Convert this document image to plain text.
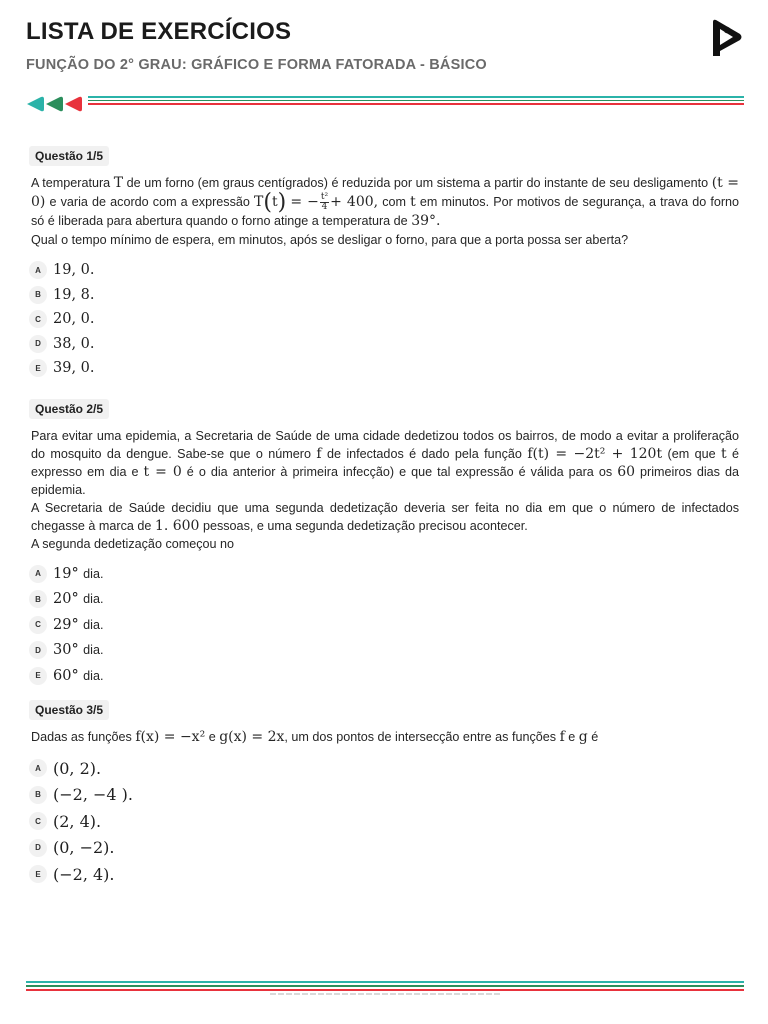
LISTA DE EXERCÍCIOS
FUNÇÃO DO 2° GRAU: GRÁFICO E FORMA FATORADA - BÁSICO
Questão 1/5

A temperatura T de um forno (em graus centígrados) é reduzida por um sistema a partir do instante de seu desligamento (t = 0) e varia de acordo com a expressão T(t) = − $\frac{\text{t²}}{4} + 400$, com t em minutos. Por motivos de segurança, a trava do forno só é liberada para abertura quando o forno atinge a temperatura de 39°.

Qual o tempo mínimo de espera, em minutos, após se desligar o forno, para que a porta possa ser aberta?

A 19, 0.
B 19, 8.
C 20, 0.
D 38, 0.
E 39, 0.
Questão 2/5

Para evitar uma epidemia, a Secretaria de Saúde de uma cidade dedetizou todos os bairros, de modo a evitar a proliferação do mosquito da dengue. Sabe-se que o número f de infectados é dado pela função f(t) = −2t² + 120t (em que t é expresso em dia e t = 0 é o dia anterior à primeira infecção) e que tal expressão é válida para os 60 primeiros dias da epidemia.

A Secretaria de Saúde decidiu que uma segunda dedetização deveria ser feita no dia em que o número de infectados chegasse à marca de 1. 600 pessoas, e uma segunda dedetização precisou acontecer.

A segunda dedetização começou no

A 19°
dia.
B 20°
dia.
C 29°
dia.
D 30°
dia.
E 60°
dia.
Questão 3/5

Dadas as funções f(x) = −x² e g(x) = 2x, um dos pontos de intersecção entre as funções f e g é

A (0, 2).
B (−2, −4 ).
C (2, 4).
D (0, −2).
E (−2, 4).
